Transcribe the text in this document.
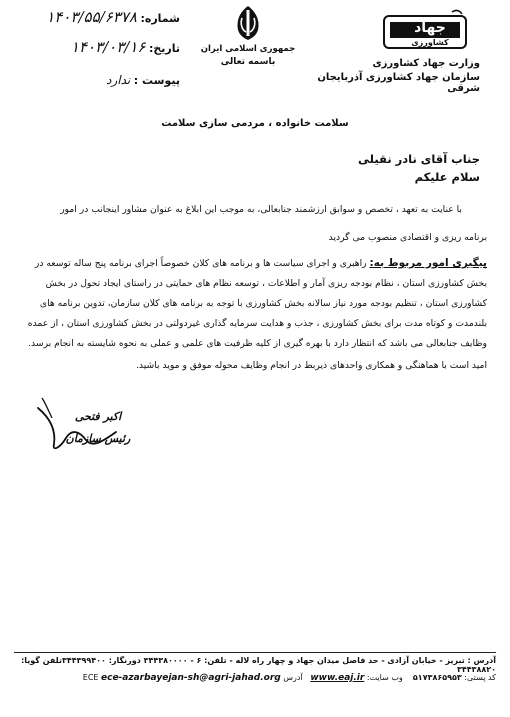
جهاد
کشاورزی
وزارت جهاد کشاورزی
سازمان جهاد کشاورزی آذربایجان شرقی
جمهوری اسلامی ایران
باسمه تعالی
شماره: ۱۴۰۳/۵۵/۶۳۷۸
تاریخ: ۱۴۰۳/۰۳/۱۶
پیوست : ندارد
سلامت خانواده ، مردمی سازی سلامت
جناب آقای نادر نقیلی
سلام علیکم
با عنایت به تعهد ، تخصص و سوابق ارزشمند جنابعالی، به موجب این ابلاغ به عنوان مشاور اینجانب در امور
برنامه ریزی و اقتصادی منصوب می گردید
پیگیری امور مربوط به: راهبری و اجرای سیاست ها و برنامه های کلان خصوصاً اجرای برنامه پنج ساله توسعه در
بخش کشاورزی استان ، نظام بودجه ریزی آمار و اطلاعات ، توسعه نظام های حمایتی در راستای ایجاد تحول در بخش
کشاورزی استان ، تنظیم بودجه مورد نیاز سالانه بخش کشاورزی با توجه به برنامه های کلان سازمان، تدوین برنامه های
بلندمدت و کوتاه مدت برای بخش کشاورزی ، جذب و هدایت سرمایه گذاری غیردولتی در بخش کشاورزی استان ، از عمده
وظایف جنابعالی می باشد که انتظار دارد با بهره گیری از کلیه ظرفیت های علمی و عملی به نحوه شایسته به انجام برسد.
امید است با هماهنگی و همکاری واحدهای ذیربط در انجام وظایف محوله موفق و موید باشید.
اکبر فتحی
رئیس سازمان
آدرس : تبریز - خیابان آزادی - حد فاصل میدان جهاد و چهار راه لاله - تلفن: ۶ - ۳۴۴۳۸۰۰۰۰ دورنگار: ۳۴۴۳۹۹۴۰۰تلفن گویا: ۳۴۴۳۸۸۲۰
کد پستی: ۵۱۷۳۸۶۵۹۵۳    وب سایت: www.eaj.ir   آدرس ECE ece-azarbayejan-sh@agri-jahad.org
